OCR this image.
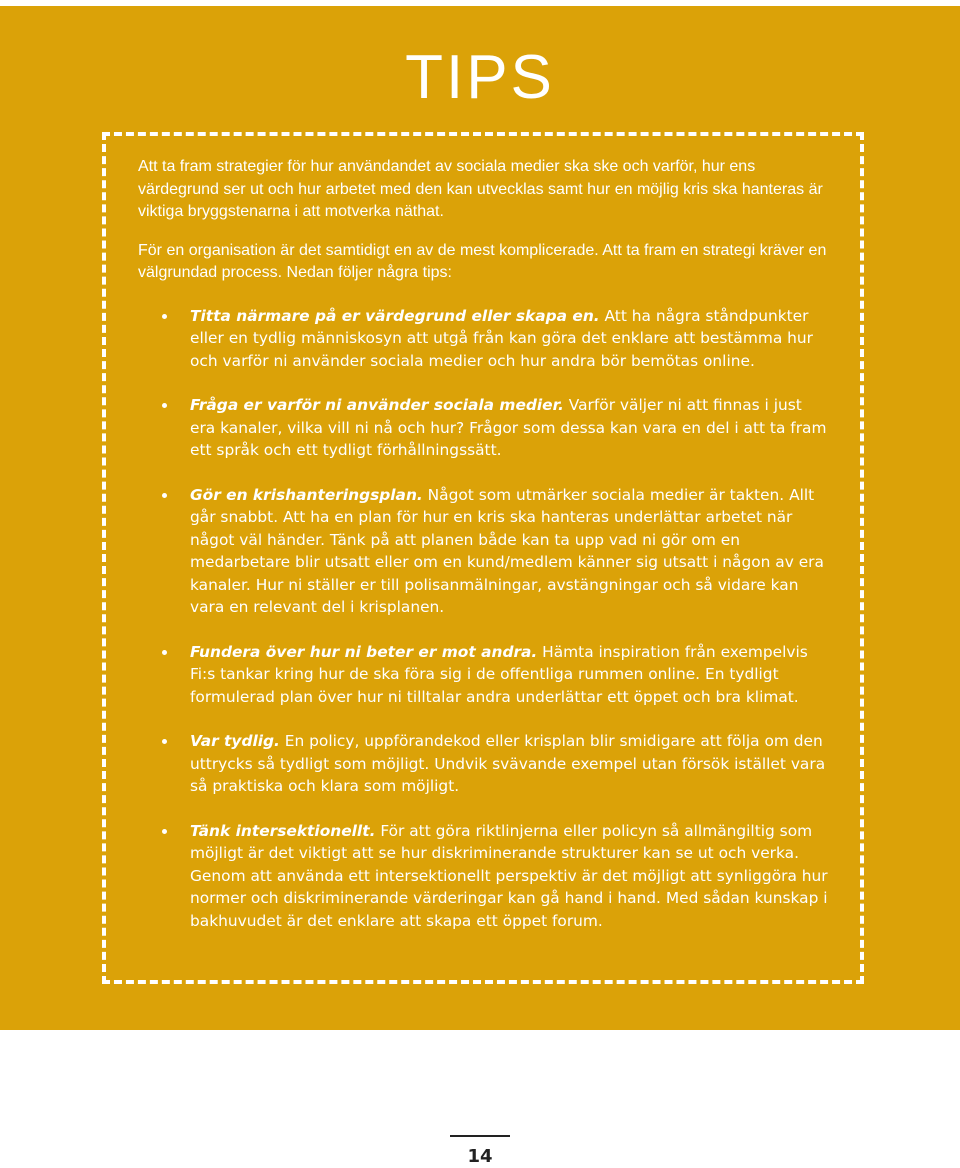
TIPS

Att ta fram strategier för hur användandet av sociala medier ska ske och varför, hur ens värdegrund ser ut och hur arbetet med den kan utvecklas samt hur en möjlig kris ska hanteras är viktiga bryggstenarna i att motverka näthat.

För en organisation är det samtidigt en av de mest komplicerade. Att ta fram en strategi kräver en välgrundad process. Nedan följer några tips:

Titta närmare på er värdegrund eller skapa en. Att ha några ståndpunkter eller en tydlig människosyn att utgå från kan göra det enklare att bestämma hur och varför ni använder sociala medier och hur andra bör bemötas online.
Fråga er varför ni använder sociala medier. Varför väljer ni att finnas i just era kanaler, vilka vill ni nå och hur? Frågor som dessa kan vara en del i att ta fram ett språk och ett tydligt förhållningssätt.
Gör en krishanteringsplan. Något som utmärker sociala medier är takten. Allt går snabbt. Att ha en plan för hur en kris ska hanteras underlättar arbetet när något väl händer. Tänk på att planen både kan ta upp vad ni gör om en medarbetare blir utsatt eller om en kund/medlem känner sig utsatt i någon av era kanaler. Hur ni ställer er till polisanmälningar, avstängningar och så vidare kan vara en relevant del i krisplanen.
Fundera över hur ni beter er mot andra. Hämta inspiration från exempelvis Fi:s tankar kring hur de ska föra sig i de offentliga rummen online. En tydligt formulerad plan över hur ni tilltalar andra underlättar ett öppet och bra klimat.
Var tydlig. En policy, uppförandekod eller krisplan blir smidigare att följa om den uttrycks så tydligt som möjligt. Undvik svävande exempel utan försök istället vara så praktiska och klara som möjligt.
Tänk intersektionellt. För att göra riktlinjerna eller policyn så allmängiltig som möjligt är det viktigt att se hur diskriminerande strukturer kan se ut och verka. Genom att använda ett intersektionellt perspektiv är det möjligt att synliggöra hur normer och diskriminerande värderingar kan gå hand i hand. Med sådan kunskap i bakhuvudet är det enklare att skapa ett öppet forum.
14
